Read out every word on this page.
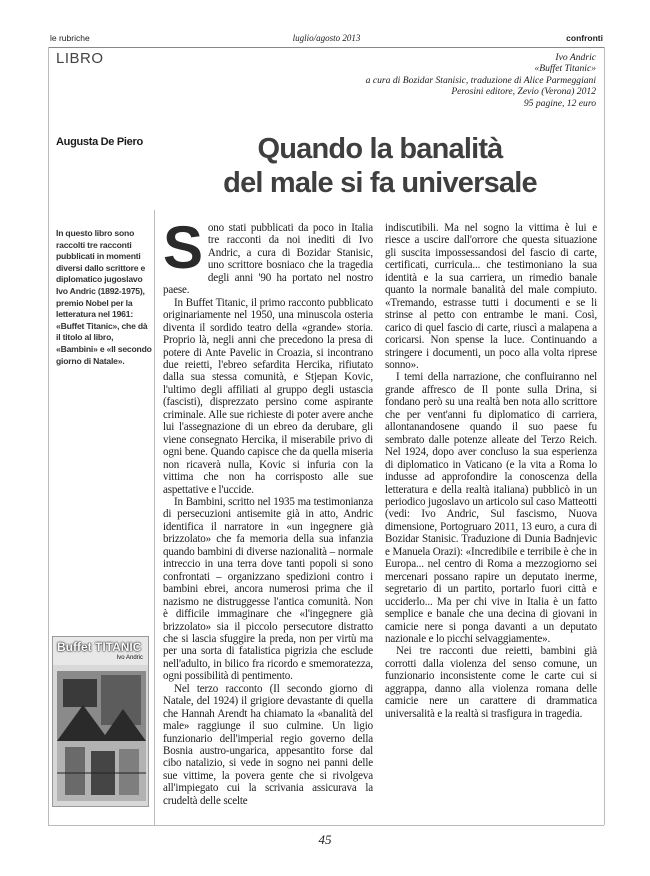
le rubriche	luglio/agosto 2013	confronti
LIBRO	Ivo Andric
«Buffet Titanic»
a cura di Bozidar Stanisic, traduzione di Alice Parmeggiani
Perosini editore, Zevio (Verona) 2012
95 pagine, 12 euro
Augusta De Piero	Quando la banalità
del male si fa universale
In questo libro sono raccolti tre racconti pubblicati in momenti diversi dallo scrittore e diplomatico jugoslavo Ivo Andric (1892-1975), premio Nobel per la letteratura nel 1961: «Buffet Titanic», che dà il titolo al libro, «Bambini» e «Il secondo giorno di Natale».
Buffet TITANIC
Ivo Andric

Sono stati pubblicati da poco in Italia tre racconti da noi inediti di Ivo Andric, a cura di Bozidar Stanisic, uno scrittore bosniaco che la tragedia degli anni '90 ha portato nel nostro paese.

In Buffet Titanic, il primo racconto pubblicato originariamente nel 1950, una minuscola osteria diventa il sordido teatro della «grande» storia. Proprio là, negli anni che precedono la presa di potere di Ante Pavelic in Croazia, si incontrano due reietti, l'ebreo sefardita Hercika, rifiutato dalla sua stessa comunità, e Stjepan Kovic, l'ultimo degli affiliati al gruppo degli ustascia (fascisti), disprezzato persino come aspirante criminale. Alle sue richieste di poter avere anche lui l'assegnazione di un ebreo da derubare, gli viene consegnato Hercika, il miserabile privo di ogni bene. Quando capisce che da quella miseria non ricaverà nulla, Kovic si infuria con la vittima che non ha corrisposto alle sue aspettative e l'uccide.

In Bambini, scritto nel 1935 ma testimonianza di persecuzioni antisemite già in atto, Andric identifica il narratore in «un ingegnere già brizzolato» che fa memoria della sua infanzia quando bambini di diverse nazionalità – normale intreccio in una terra dove tanti popoli si sono confrontati – organizzano spedizioni contro i bambini ebrei, ancora numerosi prima che il nazismo ne distruggesse l'antica comunità. Non è difficile immaginare che «l'ingegnere già brizzolato» sia il piccolo persecutore distratto che si lascia sfuggire la preda, non per virtù ma per una sorta di fatalistica pigrizia che esclude nell'adulto, in bilico fra ricordo e smemoratezza, ogni possibilità di pentimento.

Nel terzo racconto (Il secondo giorno di Natale, del 1924) il grigiore devastante di quella che Hannah Arendt ha chiamato la «banalità del male» raggiunge il suo culmine. Un ligio funzionario dell'imperial regio governo della Bosnia austro-ungarica, appesantito forse dal cibo natalizio, si vede in sogno nei panni delle sue vittime, la povera gente che si rivolgeva all'impiegato cui la scrivania assicurava la crudeltà delle scelte

indiscutibili. Ma nel sogno la vittima è lui e riesce a uscire dall'orrore che questa situazione gli suscita impossessandosi del fascio di carte, certificati, curricula... che testimoniano la sua identità e la sua carriera, un rimedio banale quanto la normale banalità del male compiuto. «Tremando, estrasse tutti i documenti e se li strinse al petto con entrambe le mani. Così, carico di quel fascio di carte, riuscì a malapena a coricarsi. Non spense la luce. Continuando a stringere i documenti, un poco alla volta riprese sonno».

I temi della narrazione, che confluiranno nel grande affresco de Il ponte sulla Drina, si fondano però su una realtà ben nota allo scrittore che per vent'anni fu diplomatico di carriera, allontanandosene quando il suo paese fu sembrato dalle potenze alleate del Terzo Reich. Nel 1924, dopo aver concluso la sua esperienza di diplomatico in Vaticano (e la vita a Roma lo indusse ad approfondire la conoscenza della letteratura e della realtà italiana) pubblicò in un periodico jugoslavo un articolo sul caso Matteotti (vedi: Ivo Andric, Sul fascismo, Nuova dimensione, Portogruaro 2011, 13 euro, a cura di Bozidar Stanisic. Traduzione di Dunia Badnjevic e Manuela Orazi): «Incredibile e terribile è che in Europa... nel centro di Roma a mezzogiorno sei mercenari possano rapire un deputato inerme, segretario di un partito, portarlo fuori città e ucciderlo... Ma per chi vive in Italia è un fatto semplice e banale che una decina di giovani in camicie nere si ponga davanti a un deputato nazionale e lo picchi selvaggiamente».

Nei tre racconti due reietti, bambini già corrotti dalla violenza del senso comune, un funzionario inconsistente come le carte cui si aggrappa, danno alla violenza romana delle camicie nere un carattere di drammatica universalità e la realtà si trasfigura in tragedia.

45
